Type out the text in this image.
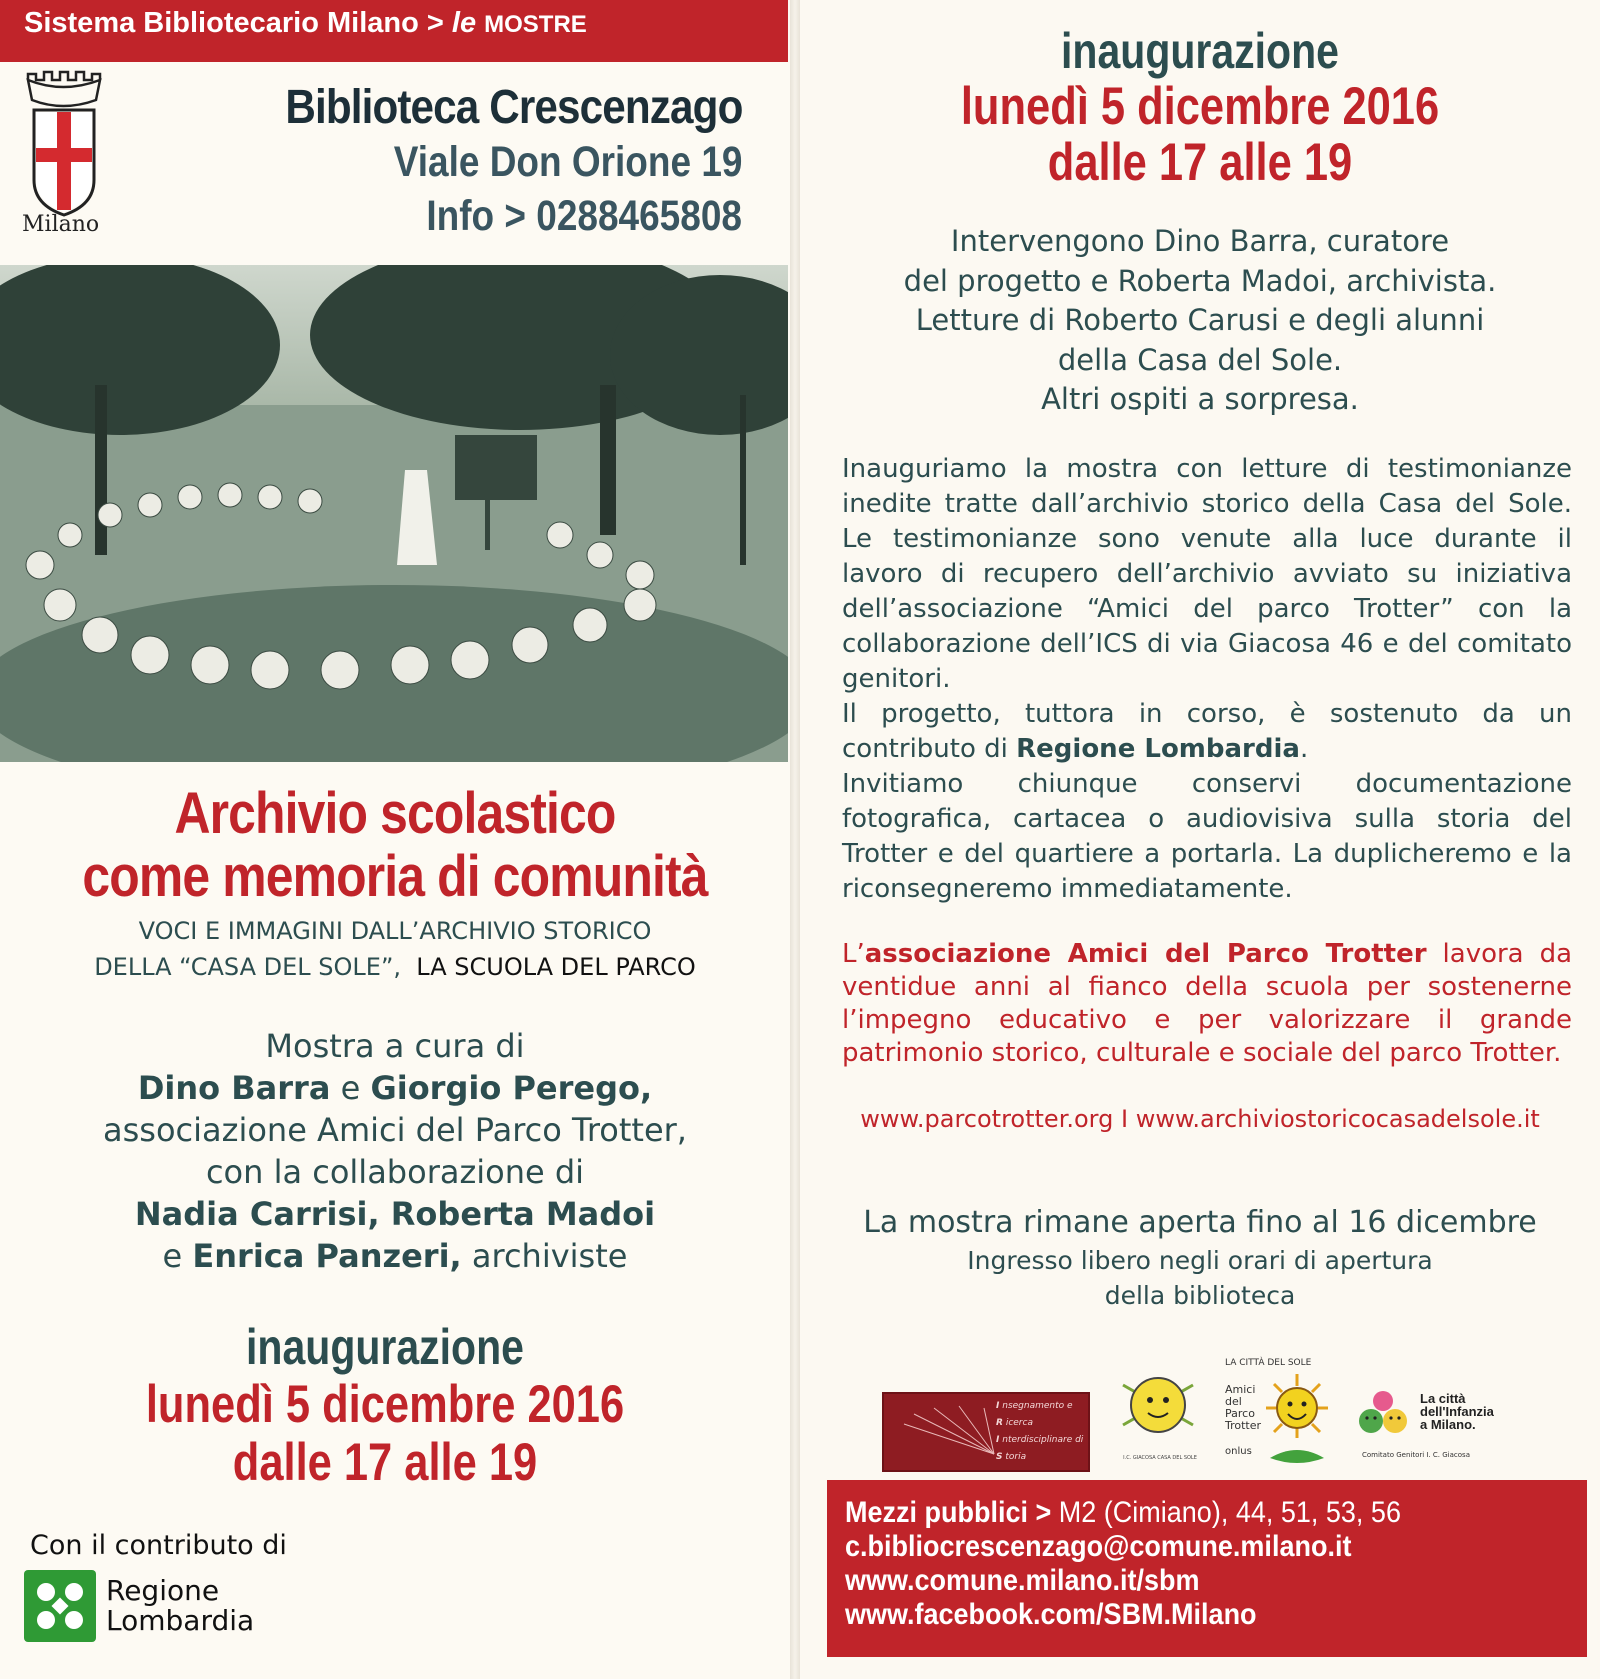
Sistema Bibliotecario Milano > le MOSTRE
Milano
Biblioteca Crescenzago
Viale Don Orione 19
Info > 0288465808
Archivio scolastico
come memoria di comunità
VOCI E IMMAGINI DALL’ARCHIVIO STORICO
DELLA “CASA DEL SOLE”, LA SCUOLA DEL PARCO
Mostra a cura di
Dino Barra e Giorgio Perego,
associazione Amici del Parco Trotter,
con la collaborazione di
Nadia Carrisi, Roberta Madoi
e Enrica Panzeri, archiviste
inaugurazione
lunedì 5 dicembre 2016
dalle 17 alle 19
Con il contributo di
Regione
Lombardia
inaugurazione
lunedì 5 dicembre 2016
dalle 17 alle 19
Intervengono Dino Barra, curatore
del progetto e Roberta Madoi, archivista.
Letture di Roberto Carusi e degli alunni
della Casa del Sole.
Altri ospiti a sorpresa.

Inauguriamo la mostra con letture di testimonianze inedite tratte dall’archivio storico della Casa del Sole. Le testimonianze sono venute alla luce durante il lavoro di recupero dell’archivio avviato su iniziativa dell’associazione “Amici del parco Trotter” con la collaborazione dell’ICS di via Giacosa 46 e del comitato genitori.

Il progetto, tuttora in corso, è sostenuto da un contributo di Regione Lombardia.

Invitiamo chiunque conservi documentazione fotografica, cartacea o audiovisiva sulla storia del Trotter e del quartiere a portarla. La duplicheremo e la riconsegneremo immediatamente.

L’associazione Amici del Parco Trotter lavora da ventidue anni al fianco della scuola per sostenerne l’impegno educativo e per valorizzare il grande patrimonio storico, culturale e sociale del parco Trotter.

www.parcotrotter.org I www.archiviostoricocasadelsole.it
La mostra rimane aperta fino al 16 dicembre
Ingresso libero negli orari di apertura
della biblioteca
I nsegnamento e
R icerca
I nterdisciplinare di
S toria	I.C. GIACOSA CASA DEL SOLE
LA CITTÀ DEL SOLE
Amici
del
Parco
Trotter
onlus
La città
dell'Infanzia
a Milano.
Comitato Genitori I. C. Giacosa
Mezzi pubblici > M2 (Cimiano), 44, 51, 53, 56
c.bibliocrescenzago@comune.milano.it
www.comune.milano.it/sbm
www.facebook.com/SBM.Milano
